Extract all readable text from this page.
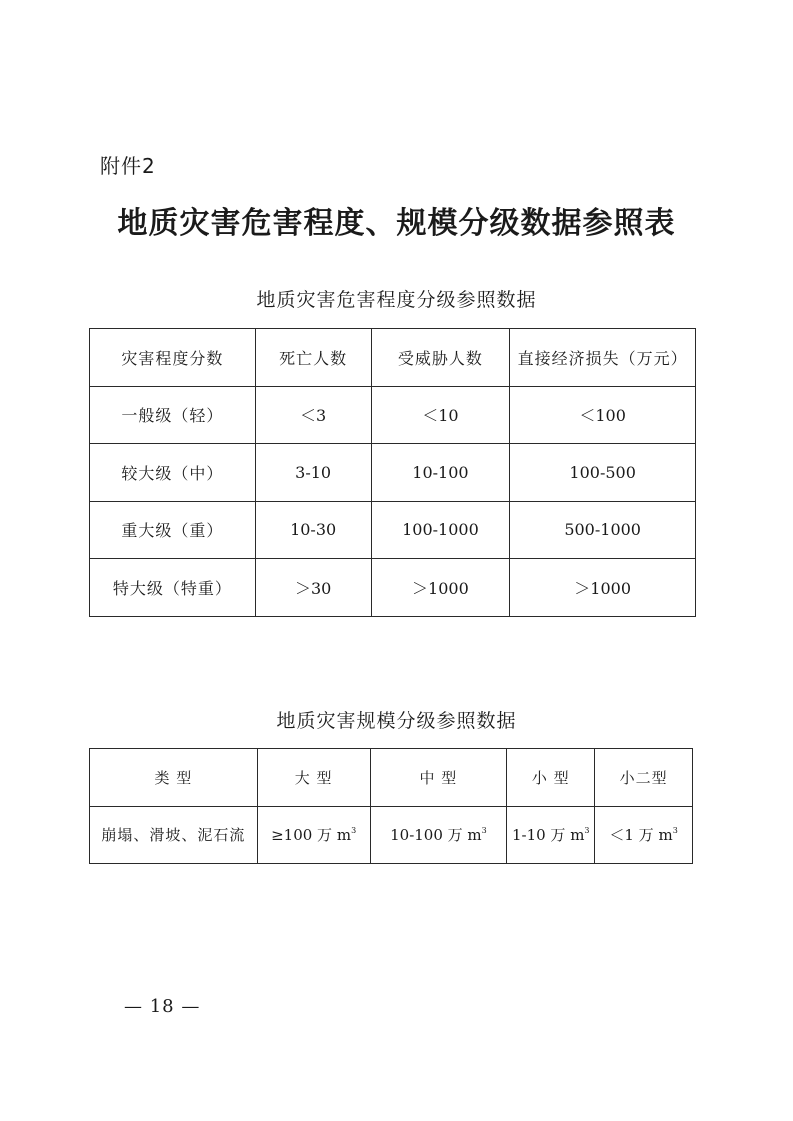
附件2
地质灾害危害程度、规模分级数据参照表
地质灾害危害程度分级参照数据
灾害程度分数	死亡人数	受威胁人数	直接经济损失（万元）
一般级（轻）	＜3	＜10	＜100
较大级（中）	3-10	10-100	100-500
重大级（重）	10-30	100-1000	500-1000
特大级（特重）	＞30	＞1000	＞1000
地质灾害规模分级参照数据
类 型	大 型	中 型	小 型	小二型
崩塌、滑坡、泥石流	≥100 万 $m^3$	10-100 万 $m^3$	1-10 万 $m^3$	＜1 万 $m^3$
— 18 —
